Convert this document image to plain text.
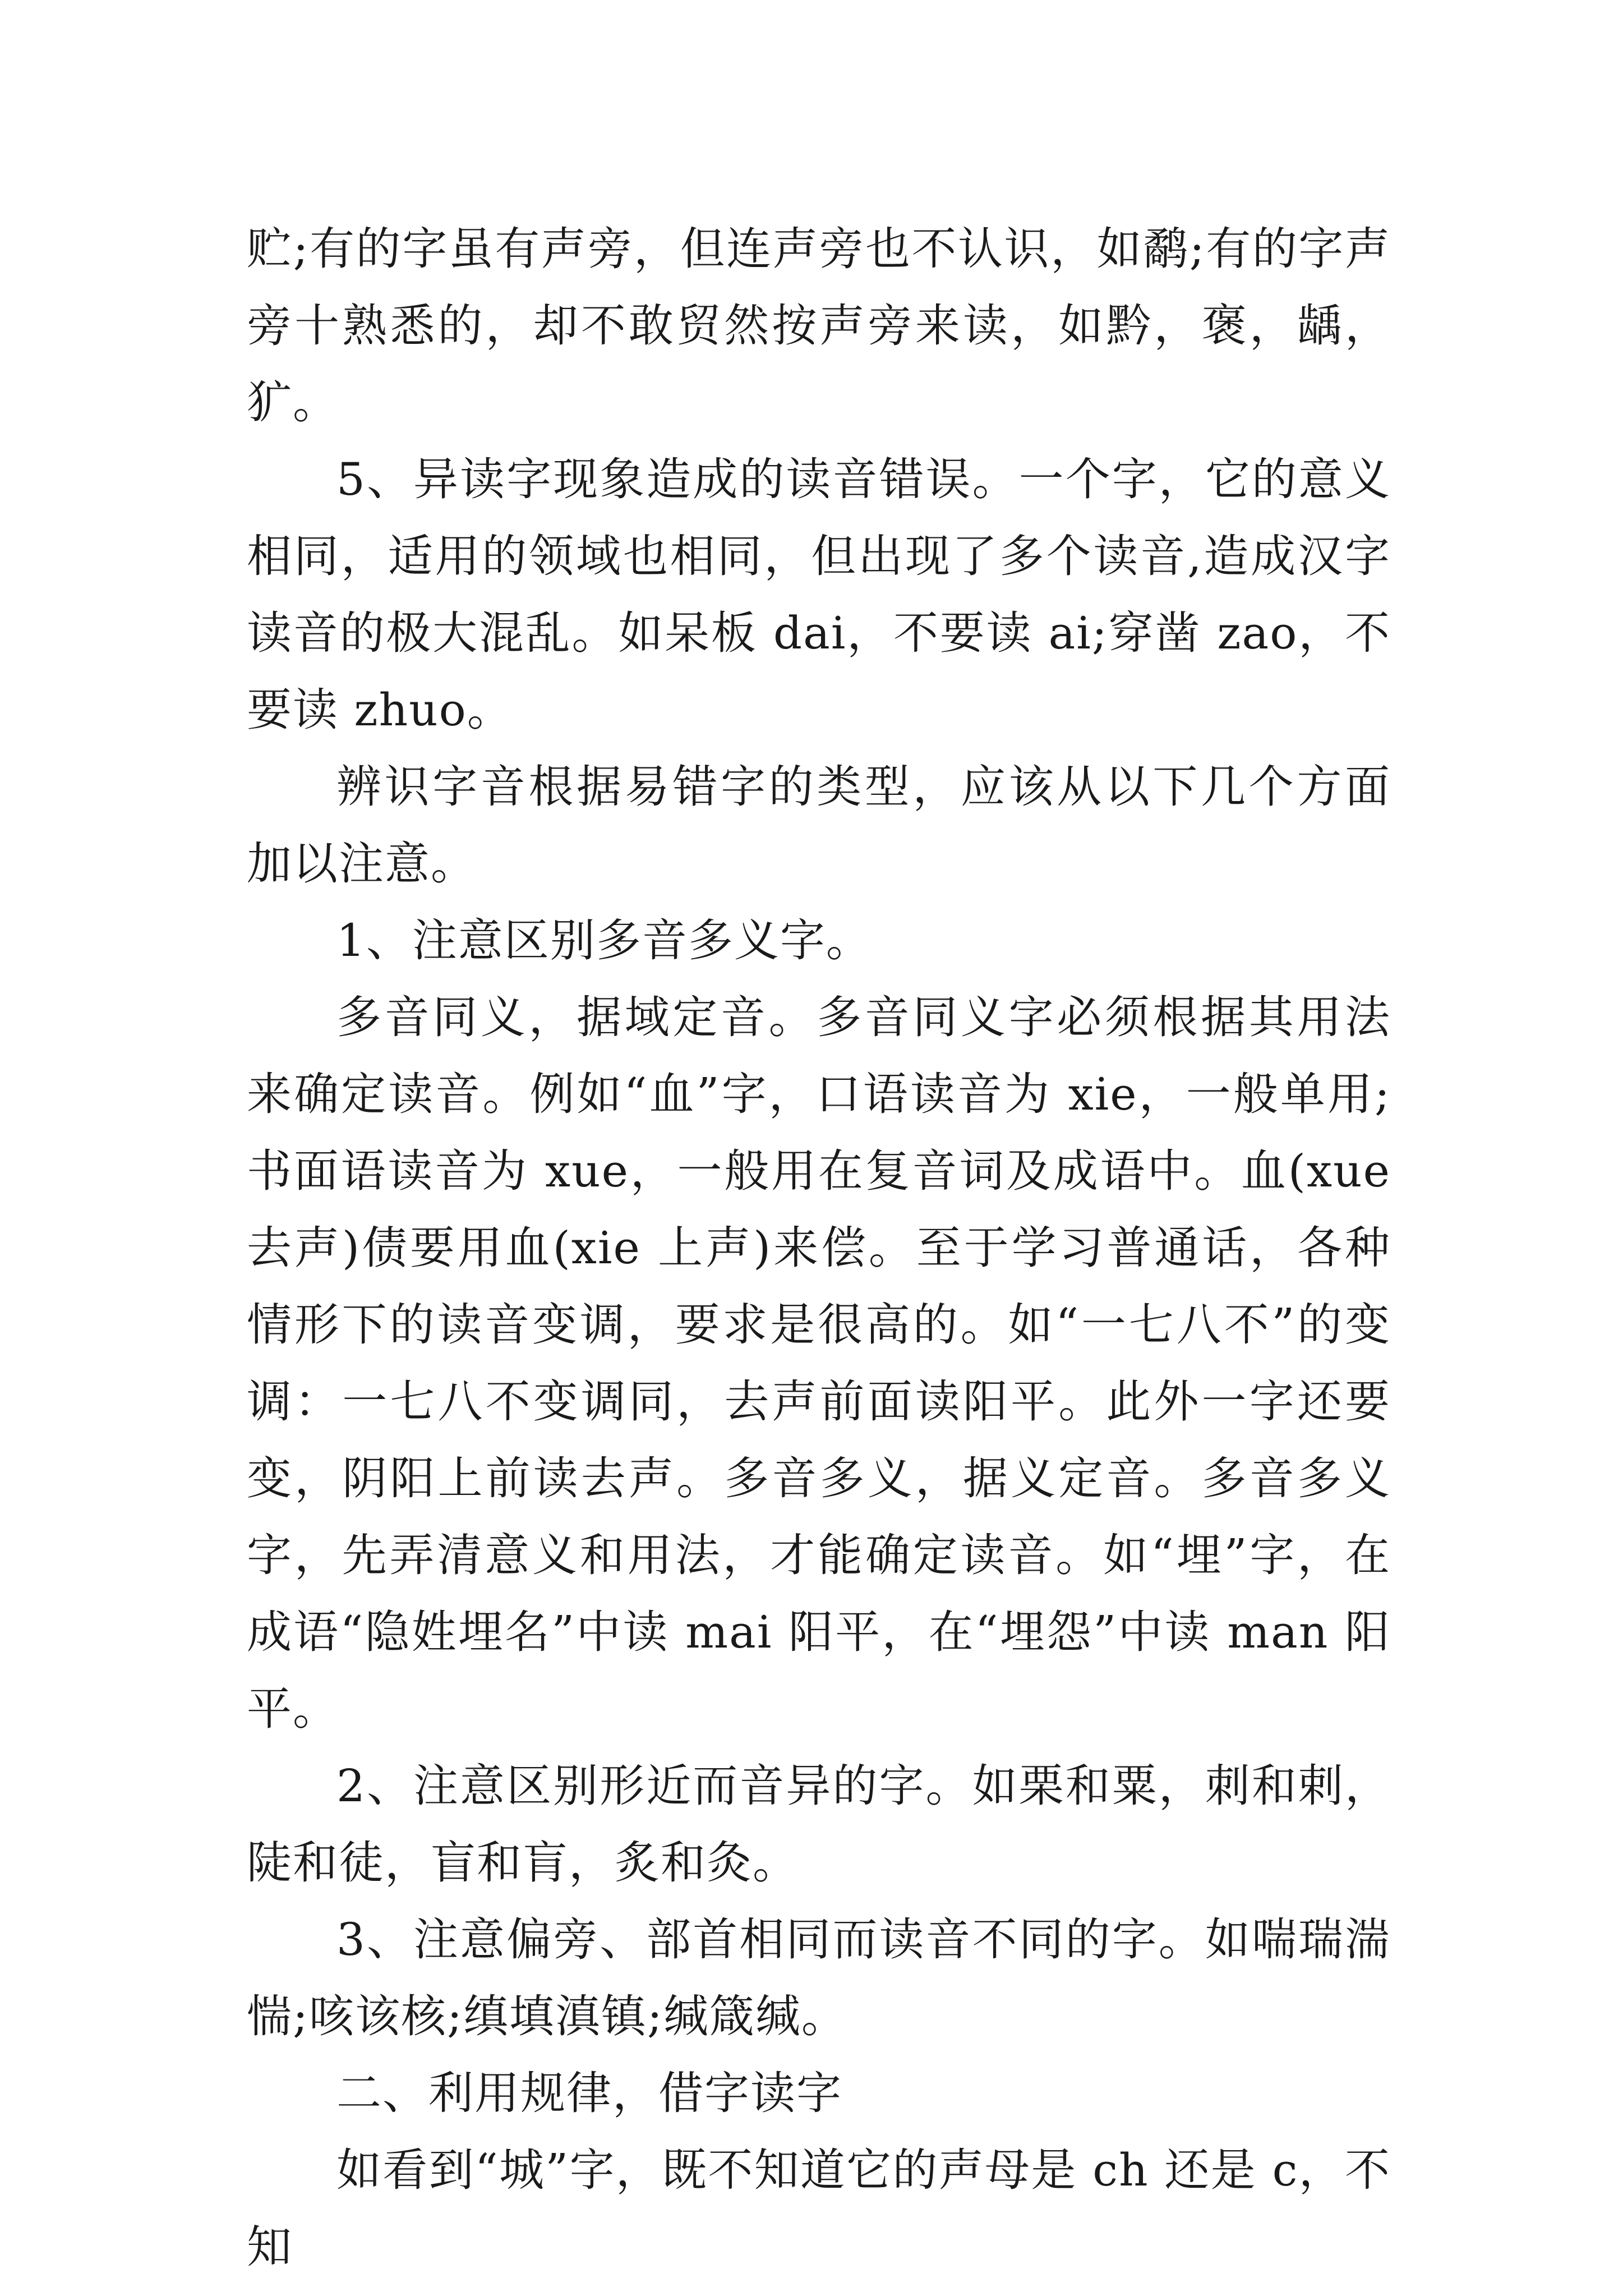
贮;有的字虽有声旁，但连声旁也不认识，如鹬;有的字声旁十熟悉的，却不敢贸然按声旁来读，如黔，褒，龋，犷。

5、异读字现象造成的读音错误。一个字，它的意义相同，适用的领域也相同，但出现了多个读音,造成汉字读音的极大混乱。如呆板 dai，不要读 ai;穿凿 zao，不要读 zhuo。

辨识字音根据易错字的类型，应该从以下几个方面加以注意。

1、注意区别多音多义字。

多音同义，据域定音。多音同义字必须根据其用法来确定读音。例如“血”字，口语读音为 xie，一般单用;书面语读音为 xue，一般用在复音词及成语中。血(xue 去声)债要用血(xie 上声)来偿。至于学习普通话，各种情形下的读音变调，要求是很高的。如“一七八不”的变调：一七八不变调同，去声前面读阳平。此外一字还要变，阴阳上前读去声。多音多义，据义定音。多音多义字，先弄清意义和用法，才能确定读音。如“埋”字，在成语“隐姓埋名”中读 mai 阳平，在“埋怨”中读 man 阳平。

2、注意区别形近而音异的字。如栗和粟，刺和剌，陡和徒，盲和肓，炙和灸。

3、注意偏旁、部首相同而读音不同的字。如喘瑞湍惴;咳该核;缜填滇镇;缄箴缄。

二、利用规律，借字读字

如看到“城”字，既不知道它的声母是 ch 还是 c，不知
